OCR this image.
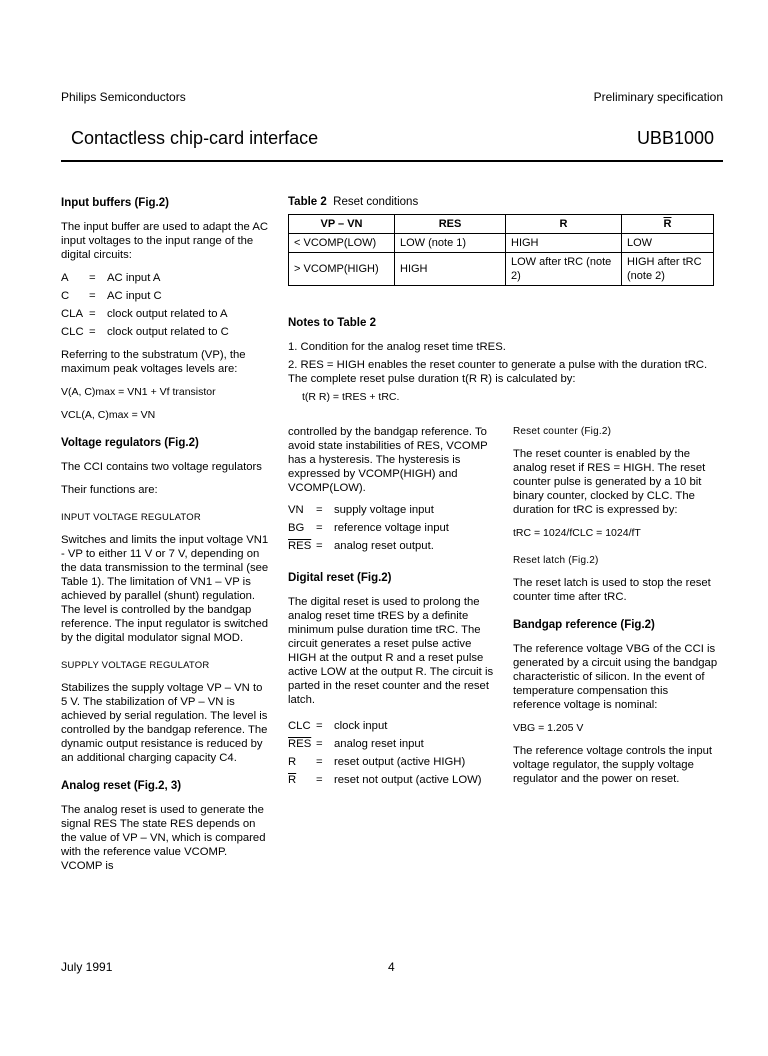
Philips Semiconductors	Preliminary specification
Contactless chip-card interface	UBB1000
Input buffers (Fig.2)

The input buffer are used to adapt the AC input voltages to the input range of the digital circuits:

A	=	AC input A
C	=	AC input C
CLA =	clock output related to A
CLC =	clock output related to C

Referring to the substratum (VP), the maximum peak voltages levels are:

V(A, C)max = VN1 + Vf transistor

VCL(A, C)max = VN

Voltage regulators (Fig.2)

The CCI contains two voltage regulators

Their functions are:

INPUT VOLTAGE REGULATOR

Switches and limits the input voltage VN1 - VP to either 11 V or 7 V, depending on the data transmission to the terminal (see Table 1). The limitation of VN1 – VP is achieved by parallel (shunt) regulation. The level is controlled by the bandgap reference. The input regulator is switched by the digital modulator signal MOD.

SUPPLY VOLTAGE REGULATOR

Stabilizes the supply voltage VP – VN to 5 V. The stabilization of VP – VN is achieved by serial regulation. The level is controlled by the bandgap reference. The dynamic output resistance is reduced by an additional charging capacity C4.

Analog reset (Fig.2, 3)

The analog reset is used to generate the signal RES The state RES depends on the value of VP – VN, which is compared with the reference value VCOMP. VCOMP is

Table 2 Reset conditions
VP – VN	RES	R	$\overline{R}$
< VCOMP(LOW)	LOW (note 1)	HIGH	LOW
> VCOMP(HIGH)	HIGH	LOW after tRC (note 2)	HIGH after tRC (note 2)
Notes to Table 2

1. Condition for the analog reset time tRES.

2. RES = HIGH enables the reset counter to generate a pulse with the duration tRC. The complete reset pulse duration t(R R) is calculated by:

t(R R) = tRES + tRC.

controlled by the bandgap reference. To avoid state instabilities of RES, VCOMP has a hysteresis. The hysteresis is expressed by VCOMP(HIGH) and VCOMP(LOW).

VN	=	supply voltage input
BG	=	reference voltage input
$\overline{RES}$ =	analog reset output.
Digital reset (Fig.2)

The digital reset is used to prolong the analog reset time tRES by a definite minimum pulse duration time tRC. The circuit generates a reset pulse active HIGH at the output R and a reset pulse active LOW at the output R. The circuit is parted in the reset counter and the reset latch.

CLC =	clock input
$\overline{RES}$ =	analog reset input
R	=	reset output (active HIGH)
$\overline{R}$	=	reset not output (active LOW)
Reset counter (Fig.2)

The reset counter is enabled by the analog reset if RES = HIGH. The reset counter pulse is generated by a 10 bit binary counter, clocked by CLC. The duration for tRC is expressed by:

tRC = 1024/fCLC = 1024/fT

Reset latch (Fig.2)

The reset latch is used to stop the reset counter time after tRC.

Bandgap reference (Fig.2)

The reference voltage VBG of the CCI is generated by a circuit using the bandgap characteristic of silicon. In the event of temperature compensation this reference voltage is nominal:

VBG = 1.205 V

The reference voltage controls the input voltage regulator, the supply voltage regulator and the power on reset.

July 1991	4
